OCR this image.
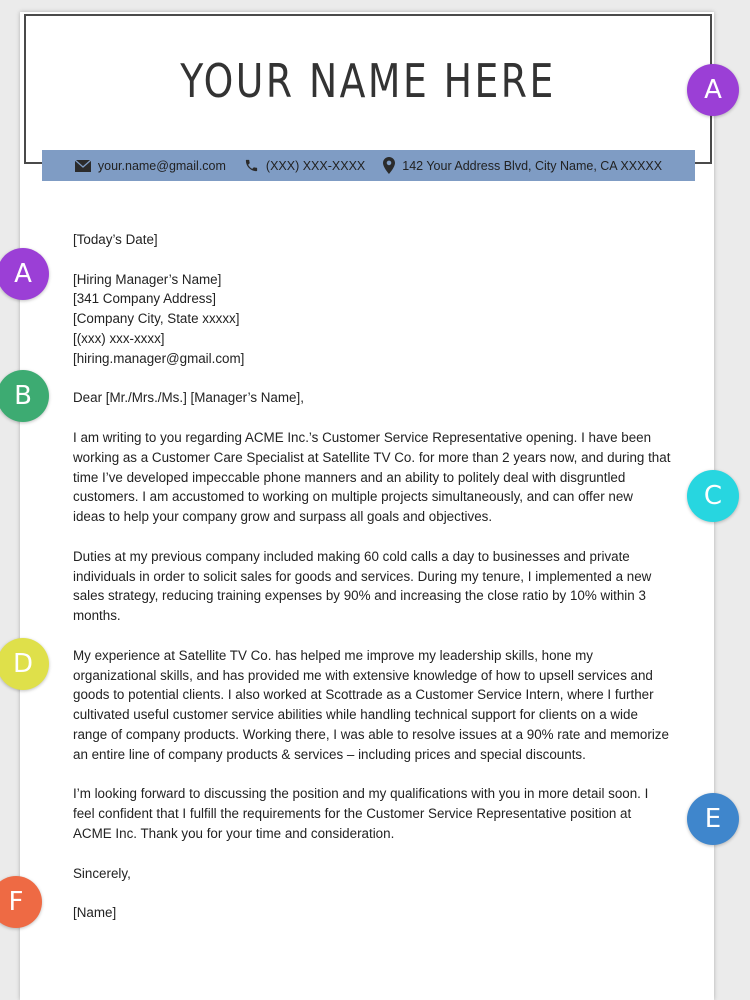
YOUR NAME HERE
your.name@gmail.com	(XXX) XXX-XXXX	142 Your Address Blvd, City Name, CA XXXXX

[Today’s Date]

[Hiring Manager’s Name]
[341 Company Address]
[Company City, State xxxxx]
[(xxx) xxx-xxxx]
[hiring.manager@gmail.com]

Dear [Mr./Mrs./Ms.] [Manager’s Name],

I am writing to you regarding ACME Inc.’s Customer Service Representative opening. I have been
working as a Customer Care Specialist at Satellite TV Co. for more than 2 years now, and during that
time I’ve developed impeccable phone manners and an ability to politely deal with disgruntled
customers. I am accustomed to working on multiple projects simultaneously, and can offer new
ideas to help your company grow and surpass all goals and objectives.

Duties at my previous company included making 60 cold calls a day to businesses and private
individuals in order to solicit sales for goods and services. During my tenure, I implemented a new
sales strategy, reducing training expenses by 90% and increasing the close ratio by 10% within 3
months.

My experience at Satellite TV Co. has helped me improve my leadership skills, hone my
organizational skills, and has provided me with extensive knowledge of how to upsell services and
goods to potential clients. I also worked at Scottrade as a Customer Service Intern, where I further
cultivated useful customer service abilities while handling technical support for clients on a wide
range of company products. Working there, I was able to resolve issues at a 90% rate and memorize
an entire line of company products & services – including prices and special discounts.

I’m looking forward to discussing the position and my qualifications with you in more detail soon. I
feel confident that I fulfill the requirements for the Customer Service Representative position at
ACME Inc. Thank you for your time and consideration.

Sincerely,

[Name]

A
A
B
C
D
E
F
